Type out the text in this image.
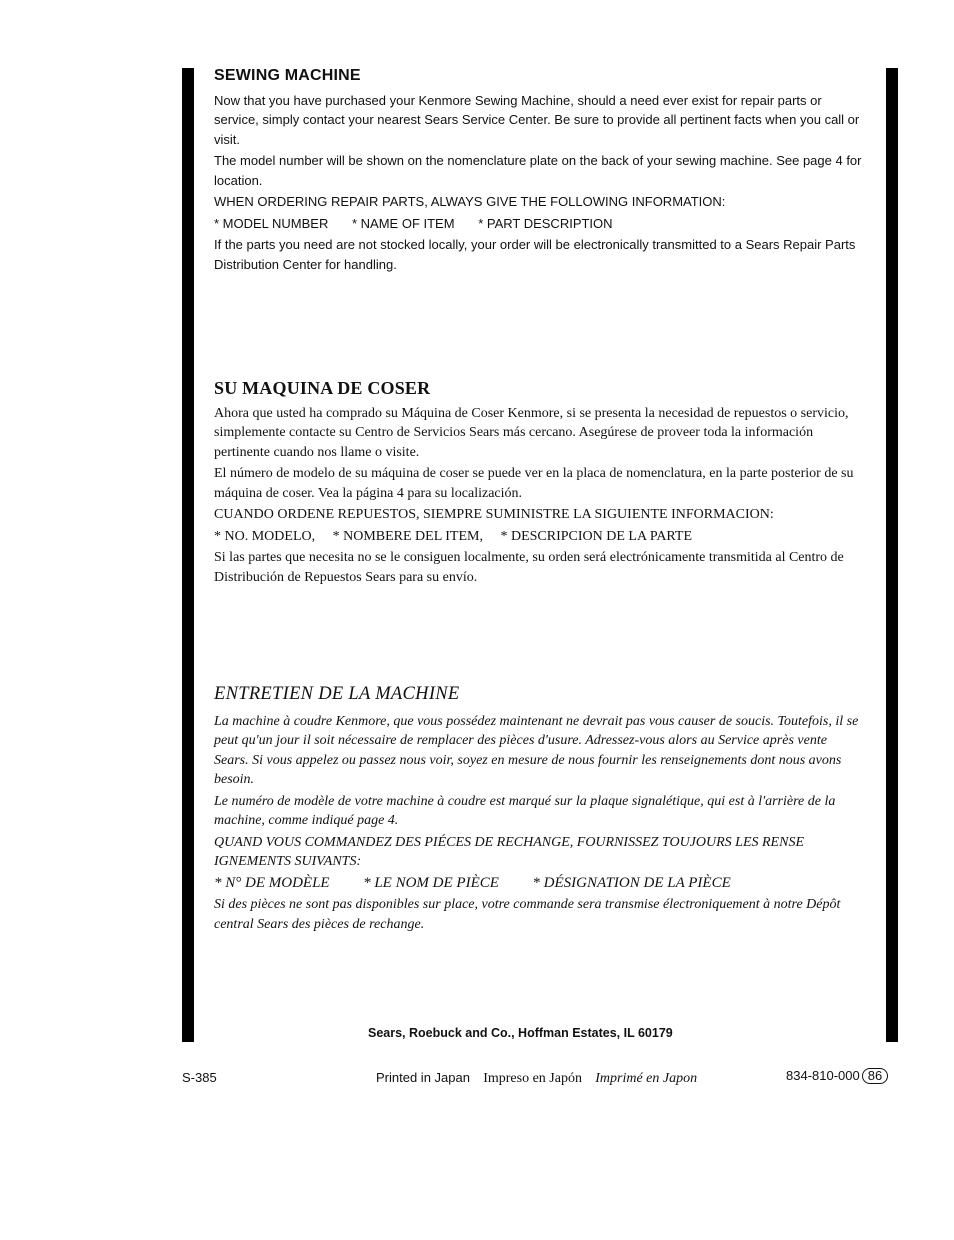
SEWING MACHINE

Now that you have purchased your Kenmore Sewing Machine, should a need ever exist for repair parts or service, simply contact your nearest Sears Service Center. Be sure to provide all pertinent facts when you call or visit.

The model number will be shown on the nomenclature plate on the back of your sewing machine. See page 4 for location.

WHEN ORDERING REPAIR PARTS, ALWAYS GIVE THE FOLLOWING INFORMATION:

* MODEL NUMBER * NAME OF ITEM * PART DESCRIPTION

If the parts you need are not stocked locally, your order will be electronically transmitted to a Sears Repair Parts Distribution Center for handling.

SU MAQUINA DE COSER

Ahora que usted ha comprado su Máquina de Coser Kenmore, si se presenta la necesidad de repuestos o servicio, simplemente contacte su Centro de Servicios Sears más cercano. Asegúrese de proveer toda la información pertinente cuando nos llame o visite.

El número de modelo de su máquina de coser se puede ver en la placa de nomenclatura, en la parte posterior de su máquina de coser. Vea la página 4 para su localización.

CUANDO ORDENE REPUESTOS, SIEMPRE SUMINISTRE LA SIGUIENTE INFORMACION:

* NO. MODELO, * NOMBERE DEL ITEM, * DESCRIPCION DE LA PARTE

Si las partes que necesita no se le consiguen localmente, su orden será electrónicamente transmitida al Centro de Distribución de Repuestos Sears para su envío.

ENTRETIEN DE LA MACHINE

La machine à coudre Kenmore, que vous possédez maintenant ne devrait pas vous causer de soucis. Toutefois, il se peut qu'un jour il soit nécessaire de remplacer des pièces d'usure. Adressez-vous alors au Service après vente Sears. Si vous appelez ou passez nous voir, soyez en mesure de nous fournir les renseignements dont nous avons besoin.

Le numéro de modèle de votre machine à coudre est marqué sur la plaque signalétique, qui est à l'arrière de la machine, comme indiqué page 4.

QUAND VOUS COMMANDEZ DES PIÉCES DE RECHANGE, FOURNISSEZ TOUJOURS LES RENSE IGNEMENTS SUIVANTS:

* N° DE MODÈLE * LE NOM DE PIÈCE * DÉSIGNATION DE LA PIÈCE

Si des pièces ne sont pas disponibles sur place, votre commande sera transmise électroniquement à notre Dépôt central Sears des pièces de rechange.

Sears, Roebuck and Co., Hoffman Estates, IL 60179
S-385	Printed in Japan Impreso en Japón Imprimé en Japon	834-810-000 86
